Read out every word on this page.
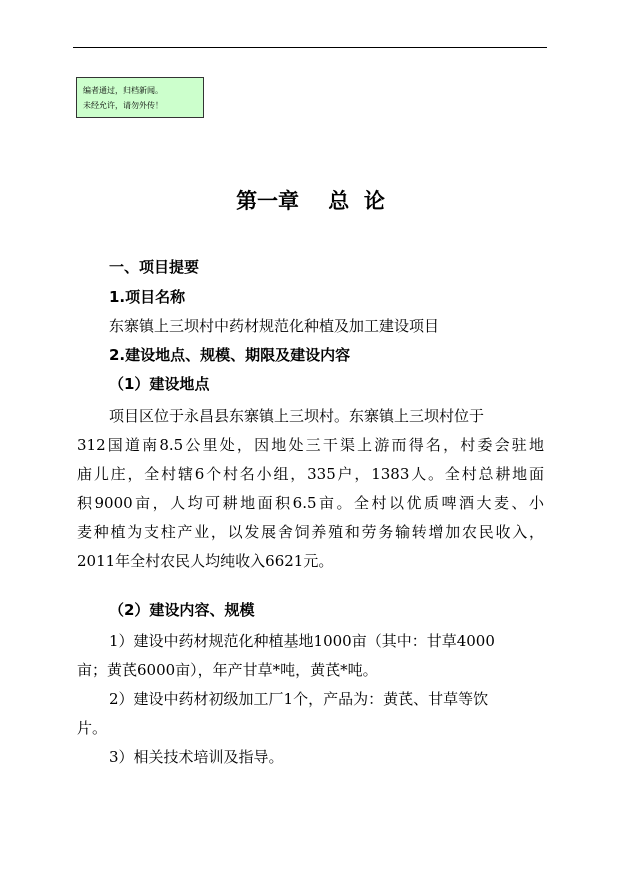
编者通过，归档新闻。
未经允许，请勿外传！
第一章    总  论
一、项目提要
1.项目名称
东寨镇上三坝村中药材规范化种植及加工建设项目
2.建设地点、规模、期限及建设内容
（1）建设地点
项目区位于永昌县东寨镇上三坝村。东寨镇上三坝村位于
312国道南8.5公里处，因地处三干渠上游而得名，村委会驻地
庙儿庄，全村辖6个村名小组，335户，1383人。全村总耕地面
积9000亩，人均可耕地面积6.5亩。全村以优质啤酒大麦、小
麦种植为支柱产业，以发展舍饲养殖和劳务输转增加农民收入，
2011年全村农民人均纯收入6621元。
（2）建设内容、规模
1）建设中药材规范化种植基地1000亩（其中：甘草4000
亩；黄芪6000亩），年产甘草*吨，黄芪*吨。
2）建设中药材初级加工厂1个，产品为：黄芪、甘草等饮
片。
3）相关技术培训及指导。
